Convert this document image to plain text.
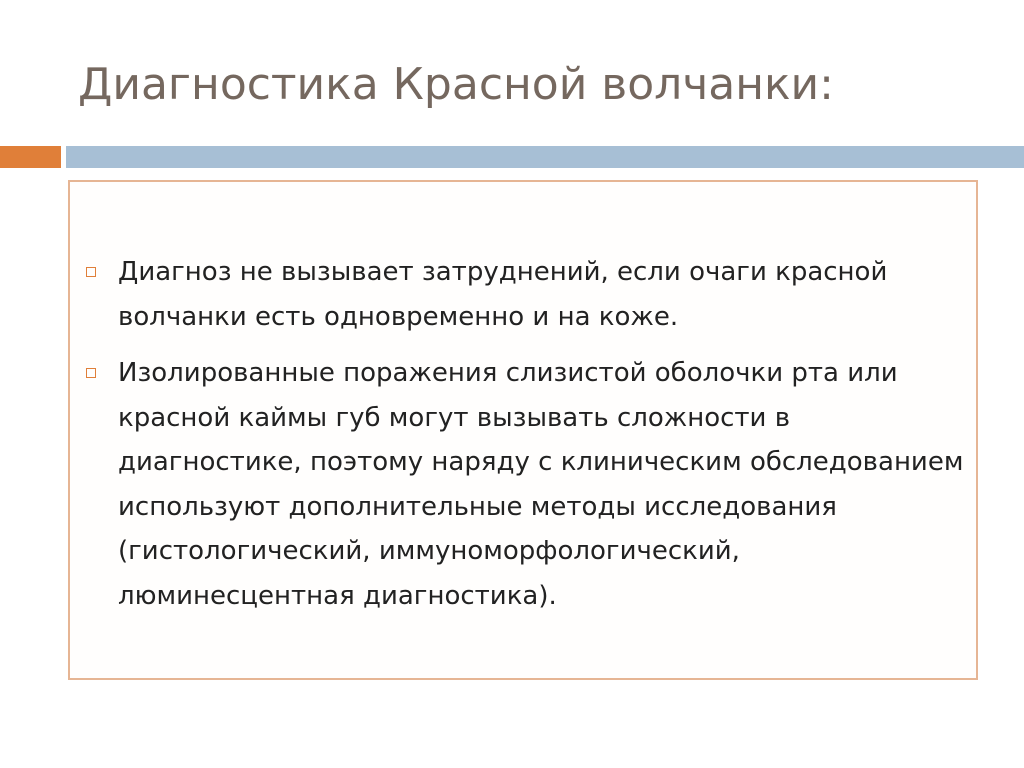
Диагностика Красной волчанки:
Диагноз не вызывает затруднений, если очаги красной волчанки есть одновременно и на коже.
Изолированные поражения слизистой оболочки рта или красной каймы губ могут вызывать сложности в диагностике, поэтому наряду с клиническим обследованием используют дополнительные методы исследования (гистологический, иммуноморфологический, люминесцентная диагностика).
